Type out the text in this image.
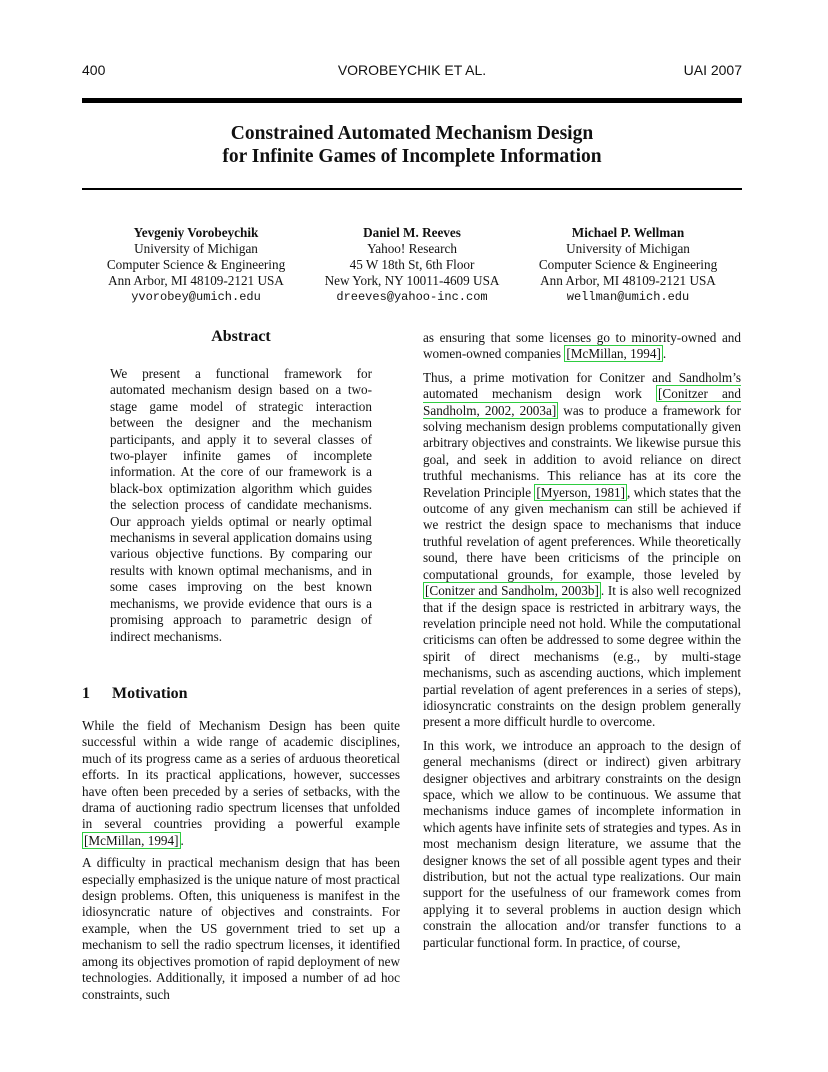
400	VOROBEYCHIK ET AL.	UAI 2007
Constrained Automated Mechanism Design
for Infinite Games of Incomplete Information
Yevgeniy Vorobeychik
University of Michigan
Computer Science & Engineering
Ann Arbor, MI 48109-2121 USA
yvorobey@umich.edu
Daniel M. Reeves
Yahoo! Research
45 W 18th St, 6th Floor
New York, NY 10011-4609 USA
dreeves@yahoo-inc.com
Michael P. Wellman
University of Michigan
Computer Science & Engineering
Ann Arbor, MI 48109-2121 USA
wellman@umich.edu
Abstract

We present a functional framework for automated mechanism design based on a two-stage game model of strategic interaction between the designer and the mechanism participants, and apply it to several classes of two-player infinite games of incomplete information. At the core of our framework is a black-box optimization algorithm which guides the selection process of candidate mechanisms. Our approach yields optimal or nearly optimal mechanisms in several application domains using various objective functions. By comparing our results with known optimal mechanisms, and in some cases improving on the best known mechanisms, we provide evidence that ours is a promising approach to parametric design of indirect mechanisms.

1 Motivation

While the field of Mechanism Design has been quite successful within a wide range of academic disciplines, much of its progress came as a series of arduous theoretical efforts. In its practical applications, however, successes have often been preceded by a series of setbacks, with the drama of auctioning radio spectrum licenses that unfolded in several countries providing a powerful example [McMillan, 1994] .

A difficulty in practical mechanism design that has been especially emphasized is the unique nature of most practical design problems. Often, this uniqueness is manifest in the idiosyncratic nature of objectives and constraints. For example, when the US government tried to set up a mechanism to sell the radio spectrum licenses, it identified among its objectives promotion of rapid deployment of new technologies. Additionally, it imposed a number of ad hoc constraints, such

as ensuring that some licenses go to minority-owned and women-owned companies [McMillan, 1994] .

Thus, a prime motivation for Conitzer and Sandholm’s automated mechanism design work [Conitzer and Sandholm, 2002, 2003a] was to produce a framework for solving mechanism design problems computationally given arbitrary objectives and constraints. We likewise pursue this goal, and seek in addition to avoid reliance on direct truthful mechanisms. This reliance has at its core the Revelation Principle [Myerson, 1981] , which states that the outcome of any given mechanism can still be achieved if we restrict the design space to mechanisms that induce truthful revelation of agent preferences. While theoretically sound, there have been criticisms of the principle on computational grounds, for example, those leveled by [Conitzer and Sandholm, 2003b] . It is also well recognized that if the design space is restricted in arbitrary ways, the revelation principle need not hold. While the computational criticisms can often be addressed to some degree within the spirit of direct mechanisms (e.g., by multi-stage mechanisms, such as ascending auctions, which implement partial revelation of agent preferences in a series of steps), idiosyncratic constraints on the design problem generally present a more difficult hurdle to overcome.

In this work, we introduce an approach to the design of general mechanisms (direct or indirect) given arbitrary designer objectives and arbitrary constraints on the design space, which we allow to be continuous. We assume that mechanisms induce games of incomplete information in which agents have infinite sets of strategies and types. As in most mechanism design literature, we assume that the designer knows the set of all possible agent types and their distribution, but not the actual type realizations. Our main support for the usefulness of our framework comes from applying it to several problems in auction design which constrain the allocation and/or transfer functions to a particular functional form. In practice, of course,
